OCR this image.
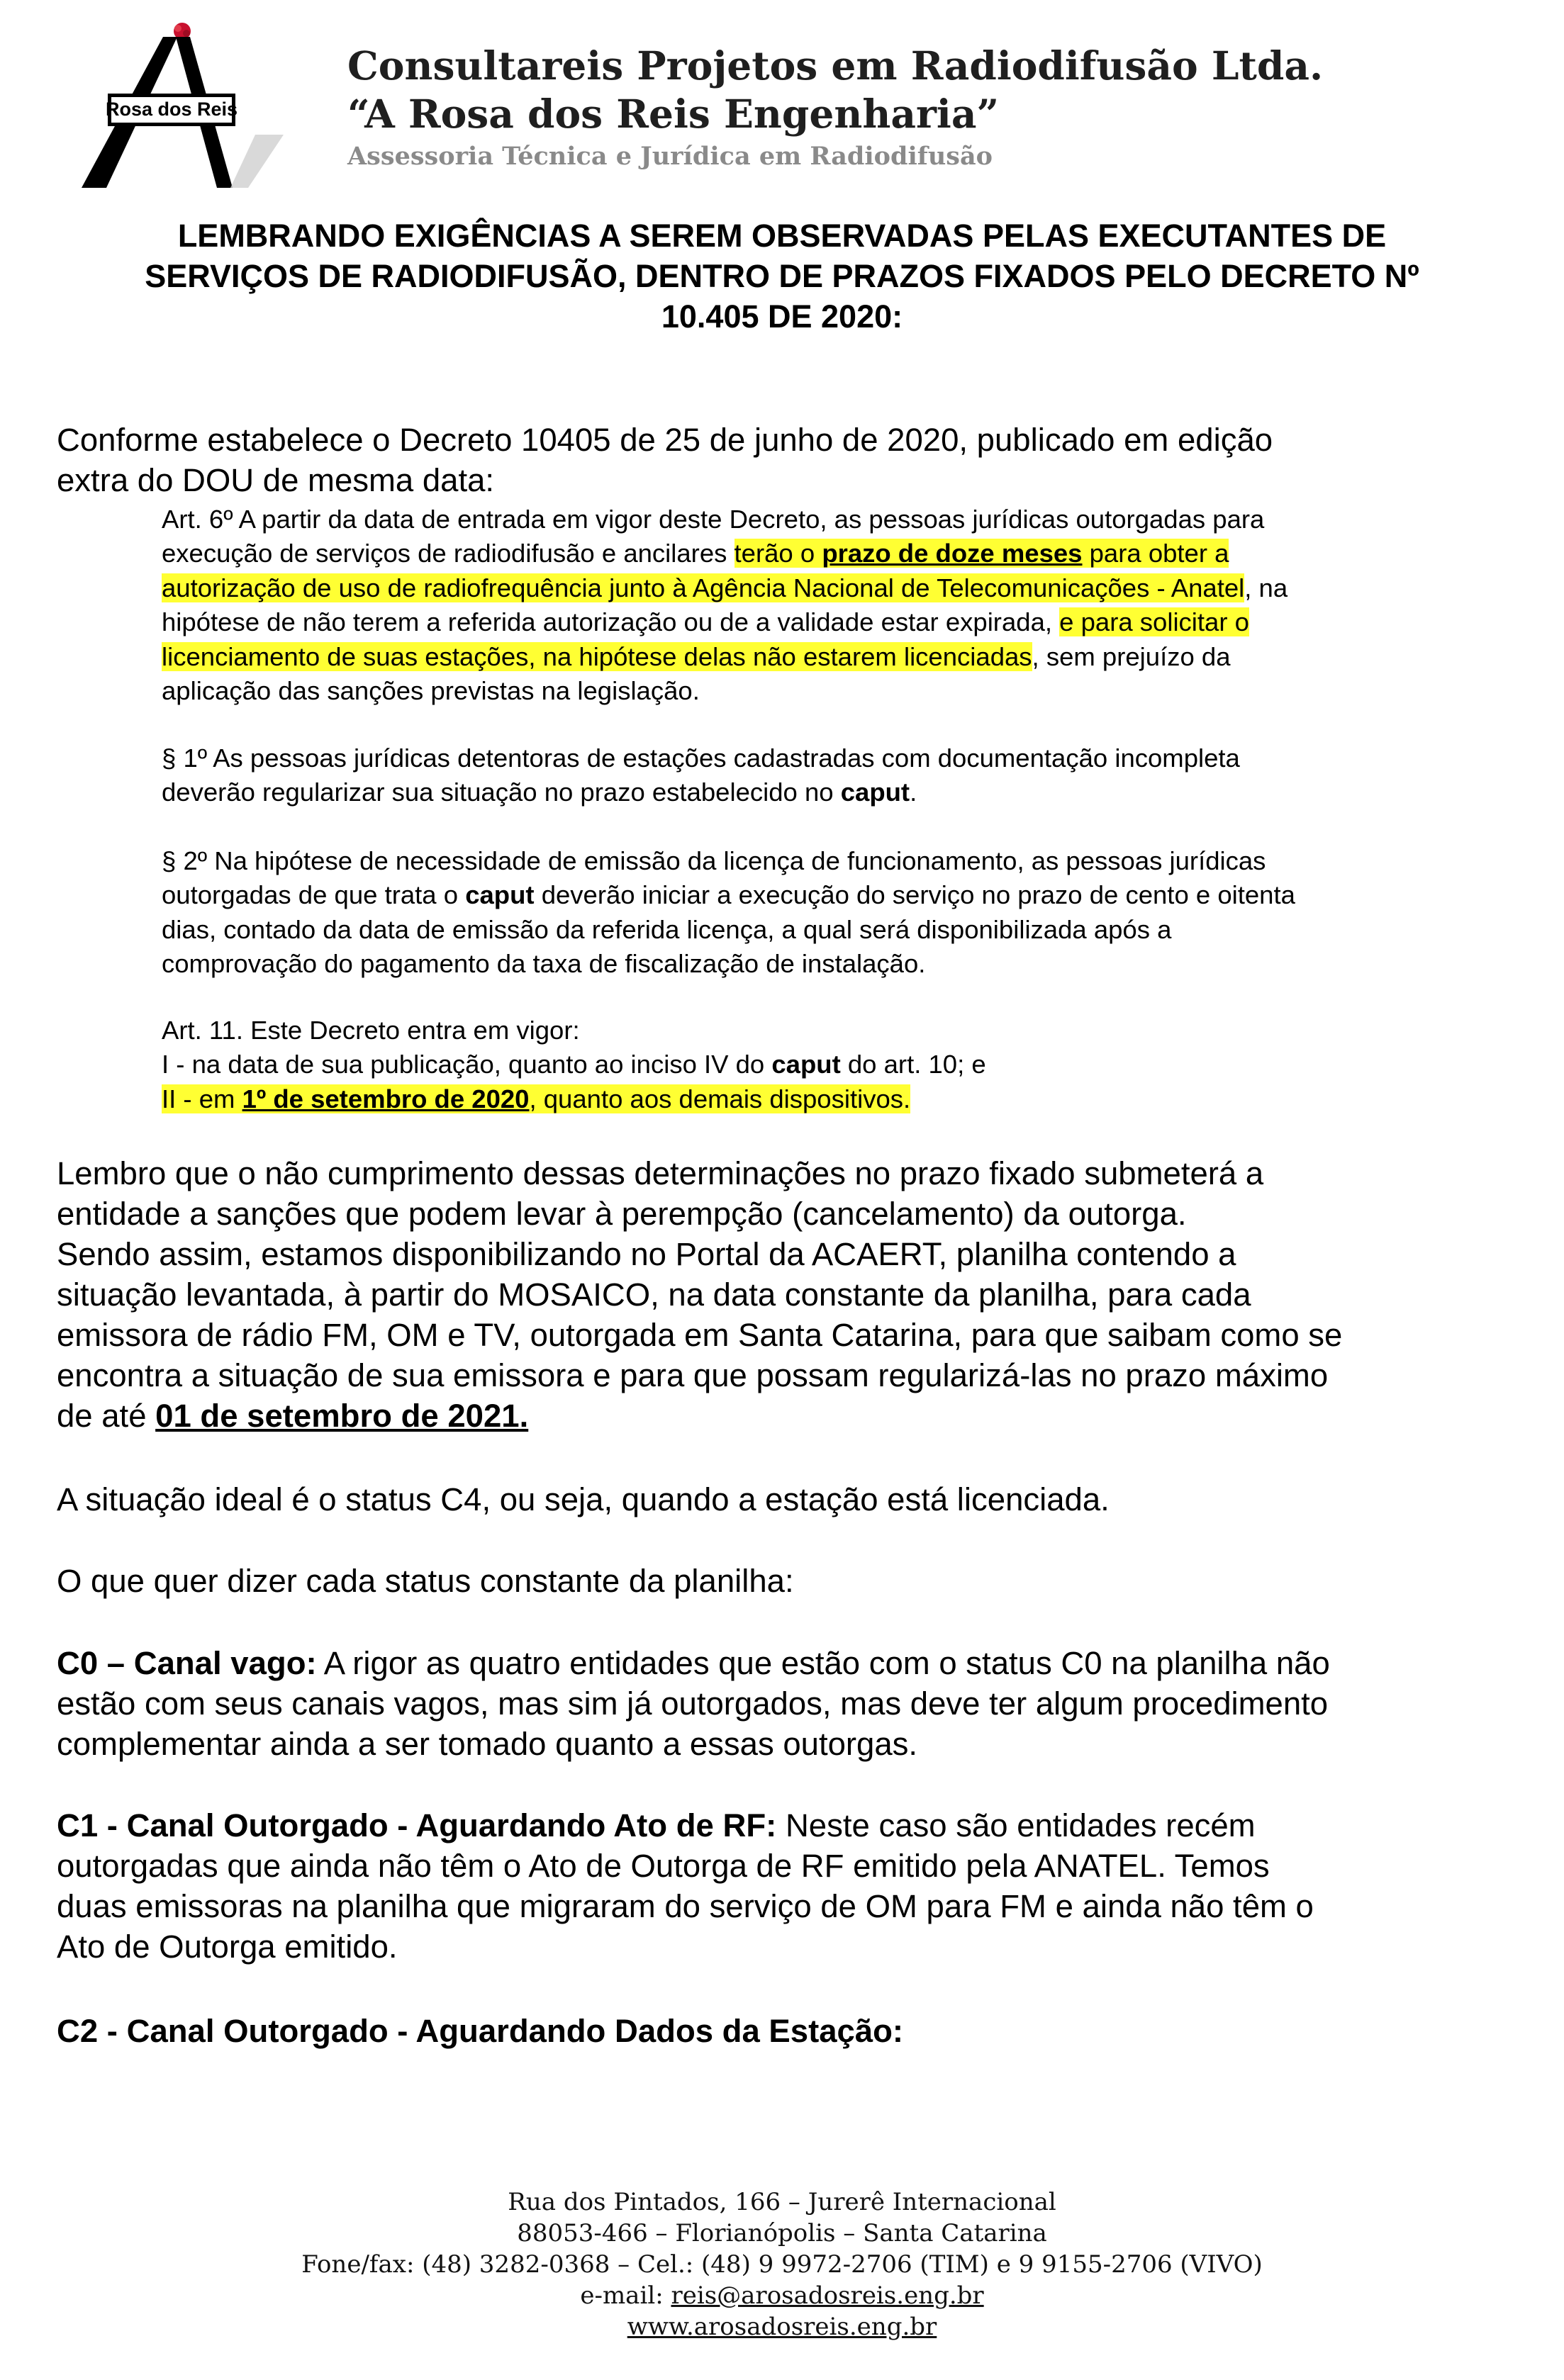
Rosa dos Reis
Consultareis Projetos em Radiodifusão Ltda.
“A Rosa dos Reis Engenharia”
Assessoria Técnica e Jurídica em Radiodifusão
LEMBRANDO EXIGÊNCIAS A SEREM OBSERVADAS PELAS EXECUTANTES DE
SERVIÇOS DE RADIODIFUSÃO, DENTRO DE PRAZOS FIXADOS PELO DECRETO Nº
10.405 DE 2020:
Conforme estabelece o Decreto 10405 de 25 de junho de 2020, publicado em edição
extra do DOU de mesma data:
Art. 6º A partir da data de entrada em vigor deste Decreto, as pessoas jurídicas outorgadas para
execução de serviços de radiodifusão e ancilares terão o prazo de doze meses para obter a
autorização de uso de radiofrequência junto à Agência Nacional de Telecomunicações - Anatel, na
hipótese de não terem a referida autorização ou de a validade estar expirada, e para solicitar o
licenciamento de suas estações, na hipótese delas não estarem licenciadas, sem prejuízo da
aplicação das sanções previstas na legislação.
§ 1º As pessoas jurídicas detentoras de estações cadastradas com documentação incompleta
deverão regularizar sua situação no prazo estabelecido no caput.
§ 2º Na hipótese de necessidade de emissão da licença de funcionamento, as pessoas jurídicas
outorgadas de que trata o caput deverão iniciar a execução do serviço no prazo de cento e oitenta
dias, contado da data de emissão da referida licença, a qual será disponibilizada após a
comprovação do pagamento da taxa de fiscalização de instalação.
Art. 11. Este Decreto entra em vigor:
I - na data de sua publicação, quanto ao inciso IV do caput do art. 10; e
II - em 1º de setembro de 2020, quanto aos demais dispositivos.
Lembro que o não cumprimento dessas determinações no prazo fixado submeterá a
entidade a sanções que podem levar à perempção (cancelamento) da outorga.
Sendo assim, estamos disponibilizando no Portal da ACAERT, planilha contendo a
situação levantada, à partir do MOSAICO, na data constante da planilha, para cada
emissora de rádio FM, OM e TV, outorgada em Santa Catarina, para que saibam como se
encontra a situação de sua emissora e para que possam regularizá-las no prazo máximo
de até 01 de setembro de 2021.
A situação ideal é o status C4, ou seja, quando a estação está licenciada.
O que quer dizer cada status constante da planilha:
C0 – Canal vago: A rigor as quatro entidades que estão com o status C0 na planilha não
estão com seus canais vagos, mas sim já outorgados, mas deve ter algum procedimento
complementar ainda a ser tomado quanto a essas outorgas.
C1 - Canal Outorgado - Aguardando Ato de RF: Neste caso são entidades recém
outorgadas que ainda não têm o Ato de Outorga de RF emitido pela ANATEL. Temos
duas emissoras na planilha que migraram do serviço de OM para FM e ainda não têm o
Ato de Outorga emitido.
C2 - Canal Outorgado - Aguardando Dados da Estação:
Rua dos Pintados, 166 – Jurerê Internacional
88053-466 – Florianópolis – Santa Catarina
Fone/fax: (48) 3282-0368 – Cel.: (48) 9 9972-2706 (TIM) e 9 9155-2706 (VIVO)
e-mail: reis@arosadosreis.eng.br
www.arosadosreis.eng.br
